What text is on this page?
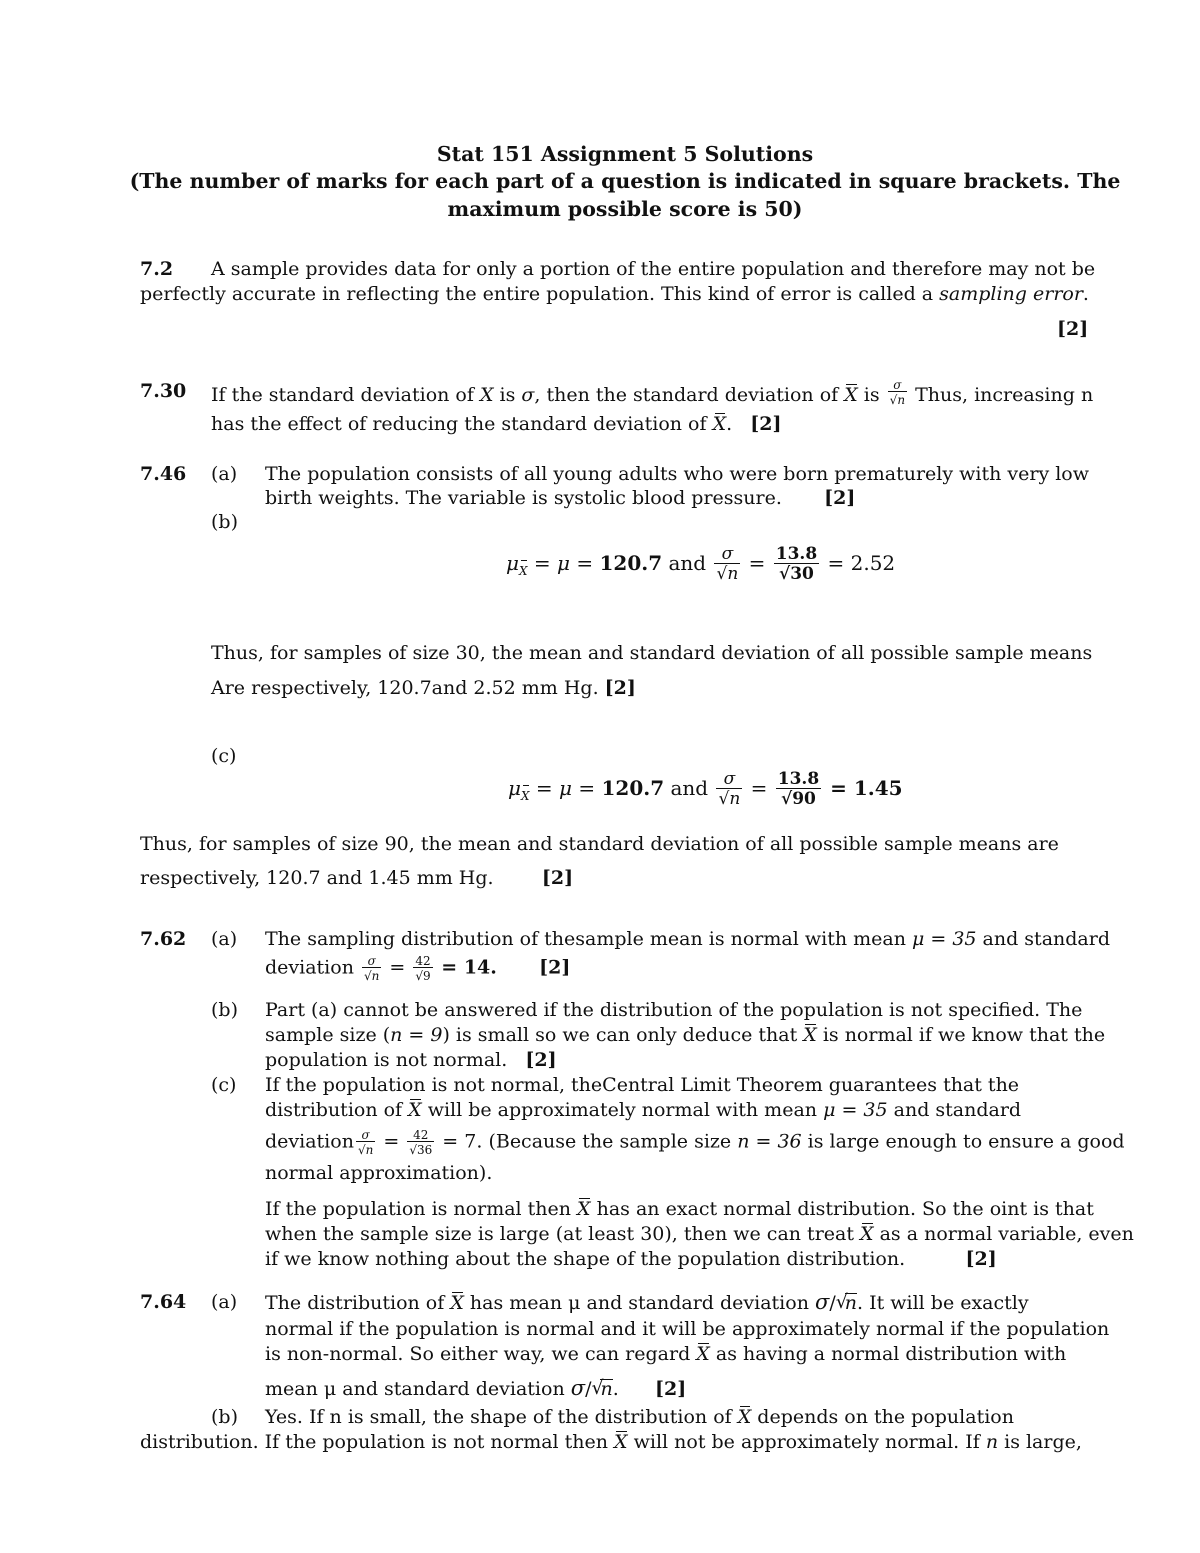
Stat 151 Assignment 5 Solutions
(The number of marks for each part of a question is indicated in square brackets. The
maximum possible score is 50)
7.2 A sample provides data for only a portion of the entire population and therefore may not be
perfectly accurate in reflecting the entire population. This kind of error is called a sampling error.
[2]
7.30 If the standard deviation of X is σ, then the standard deviation of X is $\frac{\sigma}{√n}$ Thus, increasing n
has the effect of reducing the standard deviation of X. [2]
7.46 (a) The population consists of all young adults who were born prematurely with very low
birth weights. The variable is systolic blood pressure. [2]
(b)
$\mu_X = \mu = 120.7$ and $\frac{\sigma}{√n} = \frac{13.8}{√30} = 2.52$
Thus, for samples of size 30, the mean and standard deviation of all possible sample means
Are respectively, 120.7and 2.52 mm Hg. [2]
(c)
$\mu_X = \mu = 120.7$ and $\frac{\sigma}{√n} = \frac{13.8}{√90} = 1.45$
Thus, for samples of size 90, the mean and standard deviation of all possible sample means are
respectively, 120.7 and 1.45 mm Hg.	[2]
7.62 (a) The sampling distribution of thesample mean is normal with mean μ = 35 and standard
deviation $\frac{\sigma}{√n} = \frac{42}{√9} = 14$. [2]
(b) Part (a) cannot be answered if the distribution of the population is not specified. The
sample size (n = 9) is small so we can only deduce that X is normal if we know that the
population is not normal.   [2]
(c) If the population is not normal, theCentral Limit Theorem guarantees that the
distribution of X will be approximately normal with mean μ = 35 and standard
deviation $\frac{\sigma}{√n} = \frac{42}{√36} = 7$. (Because the sample size n = 36 is large enough to ensure a good
normal approximation).
If the population is normal then X has an exact normal distribution. So the oint is that
when the sample size is large (at least 30), then we can treat X as a normal variable, even
if we know nothing about the shape of the population distribution.	[2]
7.64 (a) The distribution of X has mean μ and standard deviation σ/ √ n. It will be exactly
normal if the population is normal and it will be approximately normal if the population
is non-normal. So either way, we can regard X as having a normal distribution with
mean μ and standard deviation σ/ √ n.      [2]
(b) Yes. If n is small, the shape of the distribution of X depends on the population
distribution. If the population is not normal then X will not be approximately normal. If n is large,
